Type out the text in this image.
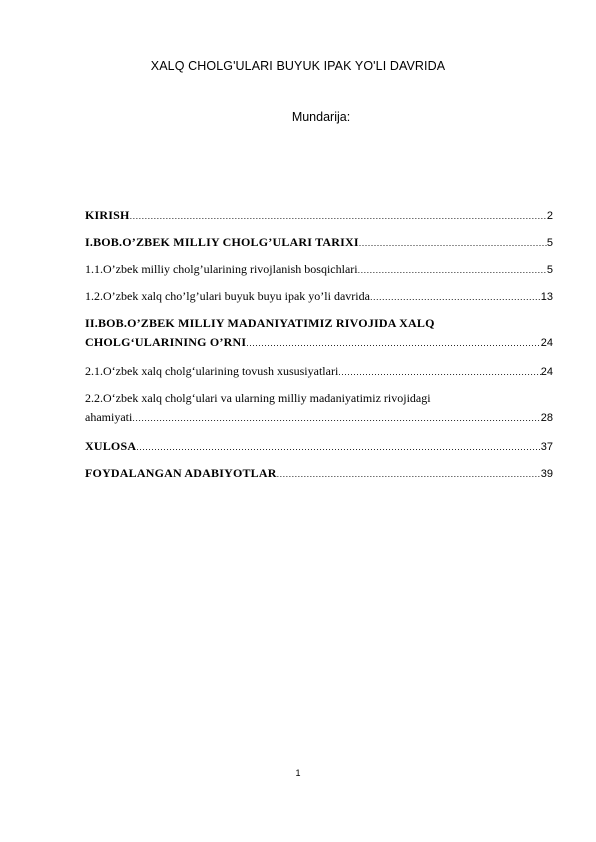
XALQ CHOLG'ULARI BUYUK IPAK YO'LI DAVRIDA
Mundarija:
KIRISH .....	2
I.BOB.O’ZBEK MILLIY CHOLG’ULARI TARIXI .....	5
1.1.O’zbek milliy cholg’ularining rivojlanish bosqichlari .....	5
1.2.O’zbek xalq cho’lg’ulari buyuk buyu ipak yo’li davrida .....	13
II.BOB.O’ZBEK MILLIY MADANIYATIMIZ RIVOJIDA XALQ
CHOLG‘ULARINING O’RNI .....	24
2.1.O‘zbek xalq cholg‘ularining tovush xususiyatlari .....	24
2.2.O‘zbek xalq cholg‘ulari va ularning milliy madaniyatimiz rivojidagi
ahamiyati .....	28
XULOSA .....	37
FOYDALANGAN ADABIYOTLAR .....	39
1
